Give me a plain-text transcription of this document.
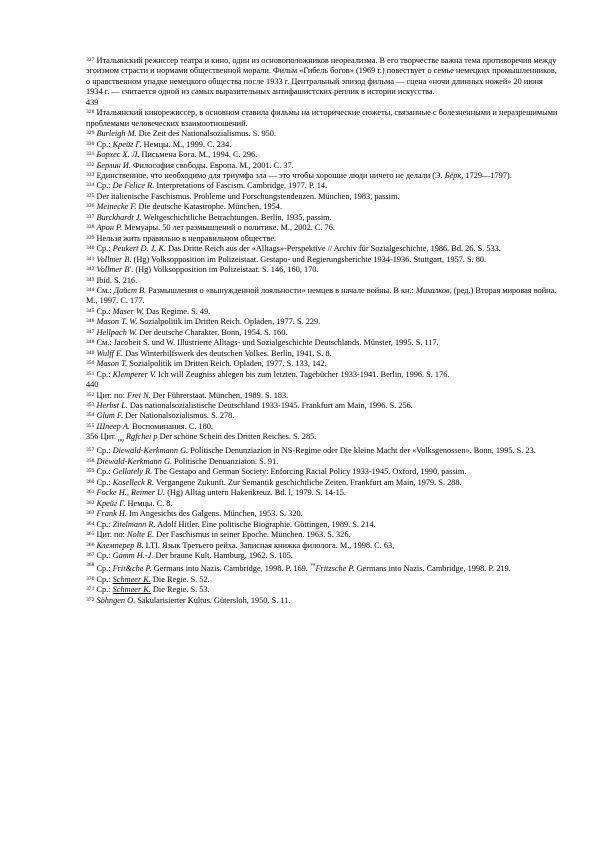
$^{327}$ Итальянский режиссер театра и кино, один из основоположников неореализма. В его творчестве важна тема противоречия между эгоизмом страсти и нормами общественной морали. Фильм «Гибель богов» (1969 г.) повествует о семье немецких промышленников, о нравственном упадке немецкого общества после 1933 г. Центральный эпизод фильма — сцена «ночи длинных ножей» 20 июня 1934 г. — считается одной из самых выразительных антифашистских реплик в истории искусства.

439

$^{328}$ Итальянский кинорежиссер, в основном ставила фильмы на исторические сюжеты, связанные с болезненными и неразрешимыми проблемами человеческих взаимоотношений.

$^{329}$ Burleigh M. Die Zeit des Nationalsozialismus. S. 950.

$^{330}$ Ср.: Крейг Г. Немцы. М., 1999. С. 234.

$^{331}$ Борхес Х. Л. Письмена Бога. М., 1994. С. 296.

$^{332}$ Берлин И. Философия свободы. Европа. М., 2001. С. 37.

$^{333}$ Единственное, что необходимо для триумфа зла — это чтобы хорошие люди ничего не делали (Э. Бёрк, 1729—1797).

$^{334}$ Ср.: De Felice R. Interpretations of Fascism. Cambridge, 1977. P. 14.

$^{335}$ Der italienische Faschismus. Probleme und Forschungstendenzen. München, 1983, passim.

$^{336}$ Meinecke F. Die deutsche Katastrophe. München, 1954.

$^{337}$ Burckhardt J. Weltgeschichtliche Betrachtungen. Berlin, 1935, passim.

$^{338}$ Арон Р. Мемуары. 50 лет размышлений о политике. М., 2002. С. 76.

$^{339}$ Нельзя жить правильно в неправильном обществе.

$^{340}$ Ср.: Peukert D. J. K. Das Dritte Reich aus der «Alltags»-Perspektive // Archiv für Sozialgeschichte, 1986. Bd. 26. S. 533.

$^{341}$ Vollmer B. (Hg) Volksopposition im Polizeistaat. Gestapo- und Regierungsberichte 1934-1936. Stuttgart, 1957. S. 80.

$^{342}$ Vollmer B'. (Hg) Volksopposition im Polizeistaat. S. 146, 160, 170.

$^{343}$ Ibid. S. 216.

$^{344}$ См.: Дайст В. Размышления о «вынужденной лояльности» немцев в начале войны. В кн.: Михалков, (ред.) Вторая мировая война. М., 1997. С. 177.

$^{345}$ Ср.: Maser W. Das Regime. S. 49.

$^{346}$ Mason T. W. Sozialpolitik im Dritten Reich. Opladen, 1977. S. 229.

$^{347}$ Hellpach W. Der deutsche Charakter. Bonn, 1954. S. 160.

$^{348}$ См.: Jacobeit S. und W. Illustrierte Alltags- und Sozialgeschichte Deutschlands. Münster, 1995. S. 117.

$^{349}$ Wulff E. Das Winterhilfswerk des deutschen Volkes. Berlin, 1941. S. 8.

$^{350}$ Mason T. Sozialpolitik im Dritten Reich. Opladen, 1977. S. 133, 142.

$^{351}$ Ср.: Klemperer V. Ich will Zeugniss ablegen bis zum letzten. Tagebücher 1933-1941. Berlin, 1996. S. 176.

440

$^{352}$ Цит. по: Frei N. Der Führerstaat. München, 1989. S. 183.

$^{353}$ Herbst L. Das nationalsozialistische Deutschland 1933-1945. Frankfurt am Main, 1996. S. 256.

$^{354}$ Glum F. Der Nationalsozialismus. S. 278.

$^{355}$ Шпеер А. Воспоминания. С. 180.

356 Цит. $_{по}$ Rgfchei p Der schöne Schein des Dritten Reiches. S. 285.

$^{357}$ Ср.: Diewald-Kerkmann G. Politische Denunziazion in NS-Regime oder Die kleine Macht der «Volksgenossen». Bonn, 1995. S. 23.

$^{358}$ Diewald-Kerkmann G. Politische Denuanziaton. S. 91.

$^{359}$ Ср.: Gellately R. The Gestapo and German Society: Enforcing Racial Policy 1933-1945. Oxford, 1990, passim.

$^{360}$ Ср.: Koselleck R. Vergangene Zukunft. Zur Semantik geschichtliche Zeiten. Frankfurt am Main, 1979. S. 288.

$^{361}$ Focke H., Reimer U. (Hg) Alltag untern Hakenkreuz. Bd. l, 1979. S. 14-15.

$^{362}$ Крейг Г. Немцы. С. 8.

$^{363}$ Frank H. Im Angesichts des Galgens. München, 1953. S. 320.

$^{364}$ Ср.: Zitelmann R. Adolf Hitler. Eine politische Biographie. Göttingen, 1989. S. 214.

$^{365}$ Цит. по: Nolte E. Der Faschismus in seiner Epoche. München. 1963. S. 326.

$^{366}$ Клемперер В. LTI. Язык Третьего рейха. Записная книжка филолога. М., 1998. С. 63,

$^{367}$ Ср.: Gamm H.-J. Der braune Kult. Hamburg, 1962. S. 105.

$^{368}$ Ср.: Frit&che P. Germans into Nazis. Cambridge, 1998. P. 169. ™Fritzsche P. Germans into Nazis. Cambridge, 1998. P. 219.

$^{370}$ Ср.: Schmeer K. Die Regie. S. 52.

$^{371}$ Ср.: Schmeer K. Die Regie. S. 53.

$^{372}$ Söhngen O. Säkularisierter Kultus. Gütersloh, 1950. S. 11.
